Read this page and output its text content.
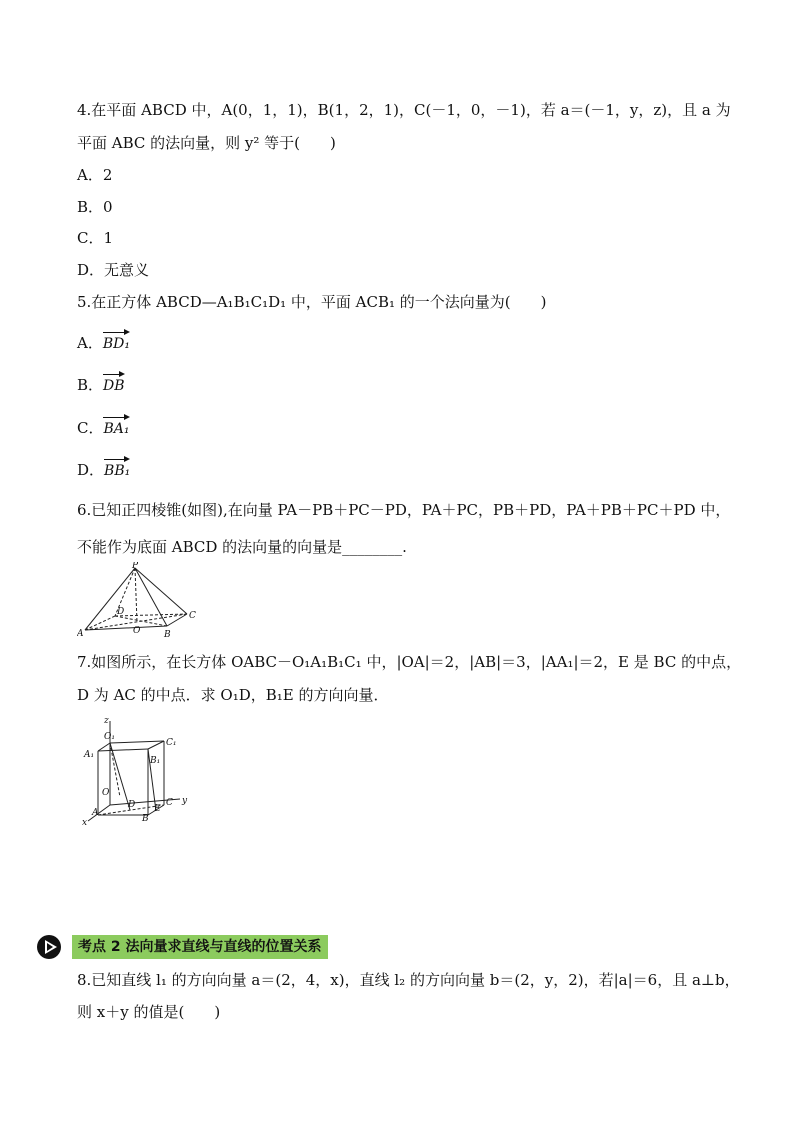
4.在平面 ABCD 中，A(0，1，1)，B(1，2，1)，C(－1，0，－1)，若 a＝(－1，y，z)，且 a 为
平面 ABC 的法向量，则 y² 等于(　　)
A．2
B．0
C．1
D．无意义
5.在正方体 ABCD—A₁B₁C₁D₁ 中，平面 ACB₁ 的一个法向量为(　　)
A．BD₁
B．DB
C．BA₁
D．BB₁
6.已知正四棱锥(如图),在向量 PA－PB＋PC－PD，PA＋PC，PB＋PD，PA＋PB＋PC＋PD 中，
不能作为底面 ABCD 的法向量的向量是________.
P
D	C
A	O	B
7.如图所示，在长方体 OABC－O₁A₁B₁C₁ 中，|OA|＝2，|AB|＝3，|AA₁|＝2，E 是 BC 的中点，
D 为 AC 的中点．求 O₁D，B₁E 的方向向量．
z
O₁
C₁
A₁
B₁
O
D E
C y
A
B
x
考点 2 法向量求直线与直线的位置关系
8.已知直线 l₁ 的方向向量 a＝(2，4，x)，直线 l₂ 的方向向量 b＝(2，y，2)，若|a|＝6，且 a⊥b，
则 x＋y 的值是(　　)
